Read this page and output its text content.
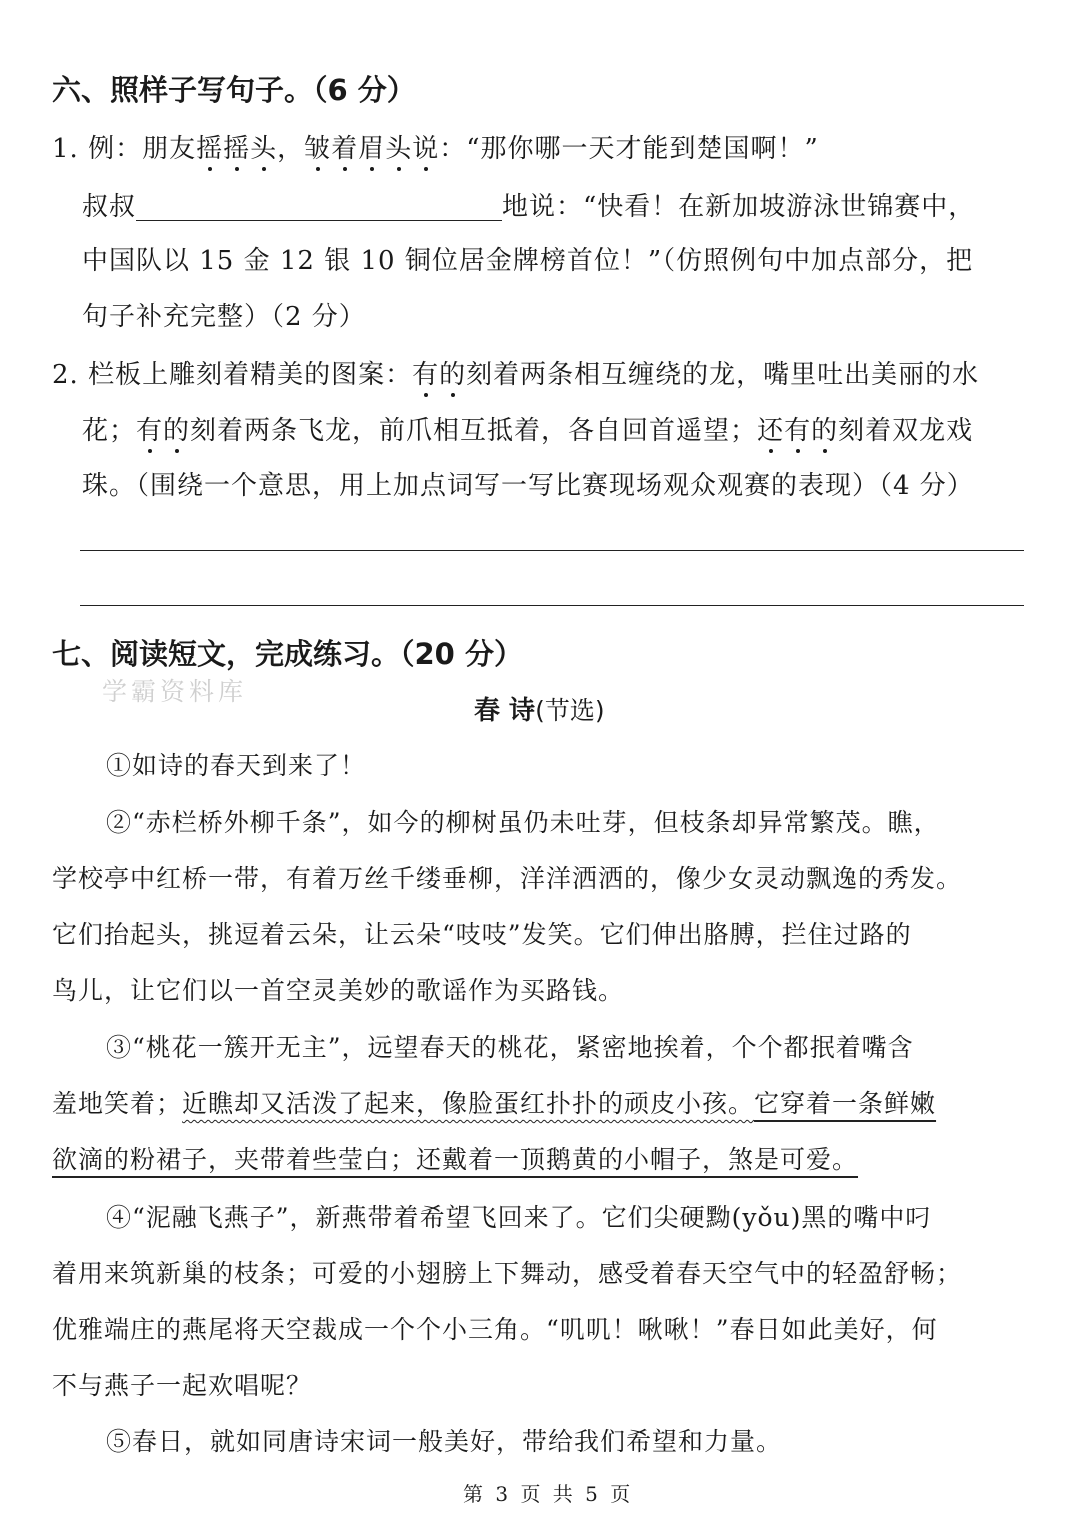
六、照样子写句子。（6 分）
1. 例：朋友摇摇头，皱着眉头说：“那你哪一天才能到楚国啊！”
叔叔	地说：“快看！在新加坡游泳世锦赛中，
中国队以 15 金 12 银 10 铜位居金牌榜首位！”（仿照例句中加点部分，把
句子补充完整）（2 分）
2. 栏板上雕刻着精美的图案：有的刻着两条相互缠绕的龙，嘴里吐出美丽的水
花；有的刻着两条飞龙，前爪相互抵着，各自回首遥望；还有的刻着双龙戏
珠。（围绕一个意思，用上加点词写一写比赛现场观众观赛的表现）（4 分）
七、阅读短文，完成练习。（20 分）
学霸资料库
春 诗(节选)
①如诗的春天到来了！
②“赤栏桥外柳千条”，如今的柳树虽仍未吐芽，但枝条却异常繁茂。瞧，
学校亭中红桥一带，有着万丝千缕垂柳，洋洋洒洒的，像少女灵动飘逸的秀发。
它们抬起头，挑逗着云朵，让云朵“吱吱”发笑。它们伸出胳膊，拦住过路的
鸟儿，让它们以一首空灵美妙的歌谣作为买路钱。
③“桃花一簇开无主”，远望春天的桃花，紧密地挨着，个个都抿着嘴含
羞地笑着；近瞧却又活泼了起来，像脸蛋红扑扑的顽皮小孩。它穿着一条鲜嫩
欲滴的粉裙子，夹带着些莹白；还戴着一顶鹅黄的小帽子，煞是可爱。
④“泥融飞燕子”，新燕带着希望飞回来了。它们尖硬黝(yǒu)黑的嘴中叼
着用来筑新巢的枝条；可爱的小翅膀上下舞动，感受着春天空气中的轻盈舒畅；
优雅端庄的燕尾将天空裁成一个个小三角。“叽叽！啾啾！”春日如此美好，何
不与燕子一起欢唱呢？
⑤春日，就如同唐诗宋词一般美好，带给我们希望和力量。
第 3 页 共 5 页
